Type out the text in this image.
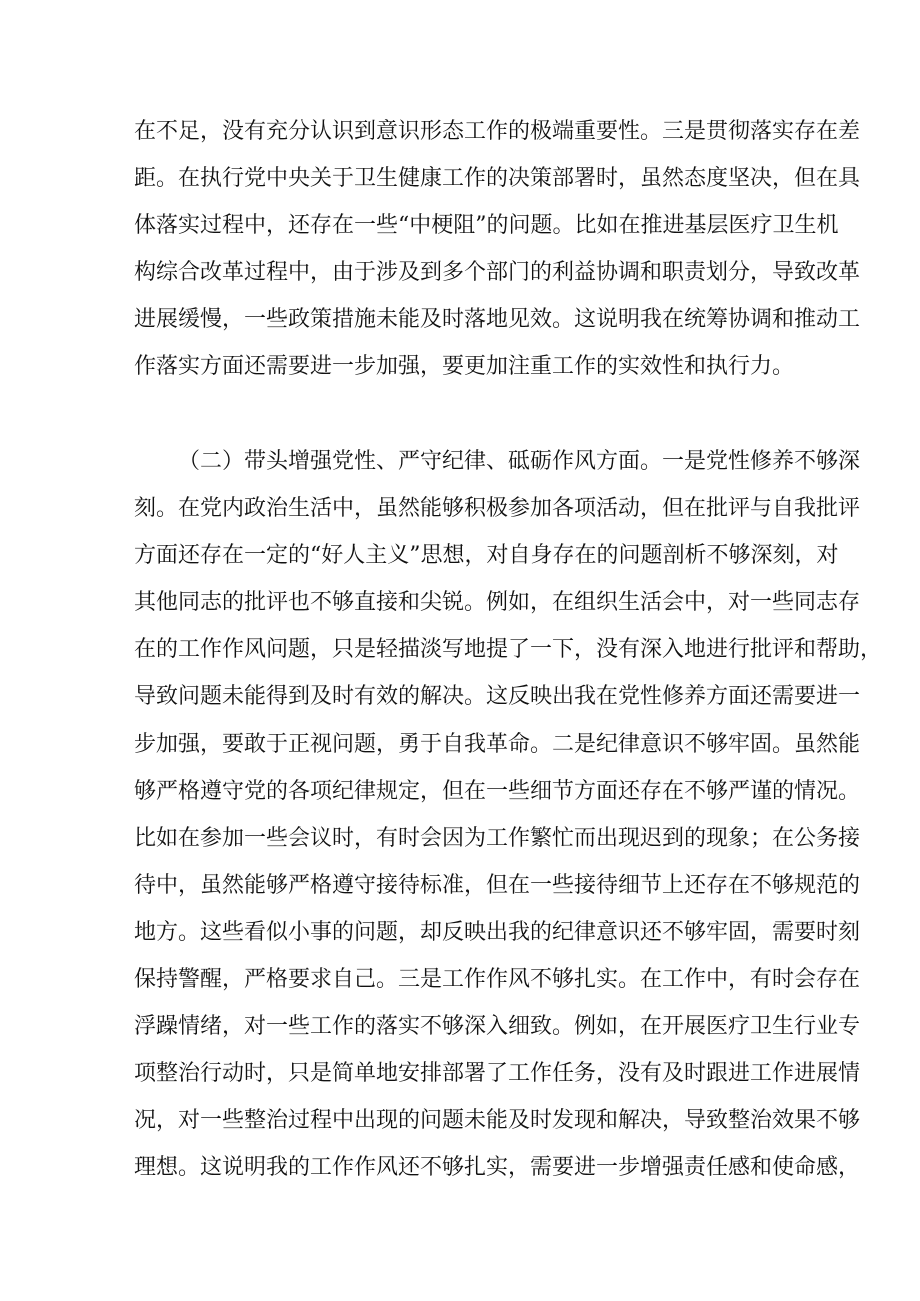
在不足，没有充分认识到意识形态工作的极端重要性。三是贯彻落实存在差
距。在执行党中央关于卫生健康工作的决策部署时，虽然态度坚决，但在具
体落实过程中，还存在一些“中梗阻”的问题。比如在推进基层医疗卫生机
构综合改革过程中，由于涉及到多个部门的利益协调和职责划分，导致改革
进展缓慢，一些政策措施未能及时落地见效。这说明我在统筹协调和推动工
作落实方面还需要进一步加强，要更加注重工作的实效性和执行力。
（二）带头增强党性、严守纪律、砥砺作风方面。一是党性修养不够深
刻。在党内政治生活中，虽然能够积极参加各项活动，但在批评与自我批评
方面还存在一定的“好人主义”思想，对自身存在的问题剖析不够深刻，对
其他同志的批评也不够直接和尖锐。例如，在组织生活会中，对一些同志存
在的工作作风问题，只是轻描淡写地提了一下，没有深入地进行批评和帮助，
导致问题未能得到及时有效的解决。这反映出我在党性修养方面还需要进一
步加强，要敢于正视问题，勇于自我革命。二是纪律意识不够牢固。虽然能
够严格遵守党的各项纪律规定，但在一些细节方面还存在不够严谨的情况。
比如在参加一些会议时，有时会因为工作繁忙而出现迟到的现象；在公务接
待中，虽然能够严格遵守接待标准，但在一些接待细节上还存在不够规范的
地方。这些看似小事的问题，却反映出我的纪律意识还不够牢固，需要时刻
保持警醒，严格要求自己。三是工作作风不够扎实。在工作中，有时会存在
浮躁情绪，对一些工作的落实不够深入细致。例如，在开展医疗卫生行业专
项整治行动时，只是简单地安排部署了工作任务，没有及时跟进工作进展情
况，对一些整治过程中出现的问题未能及时发现和解决，导致整治效果不够
理想。这说明我的工作作风还不够扎实，需要进一步增强责任感和使命感，
